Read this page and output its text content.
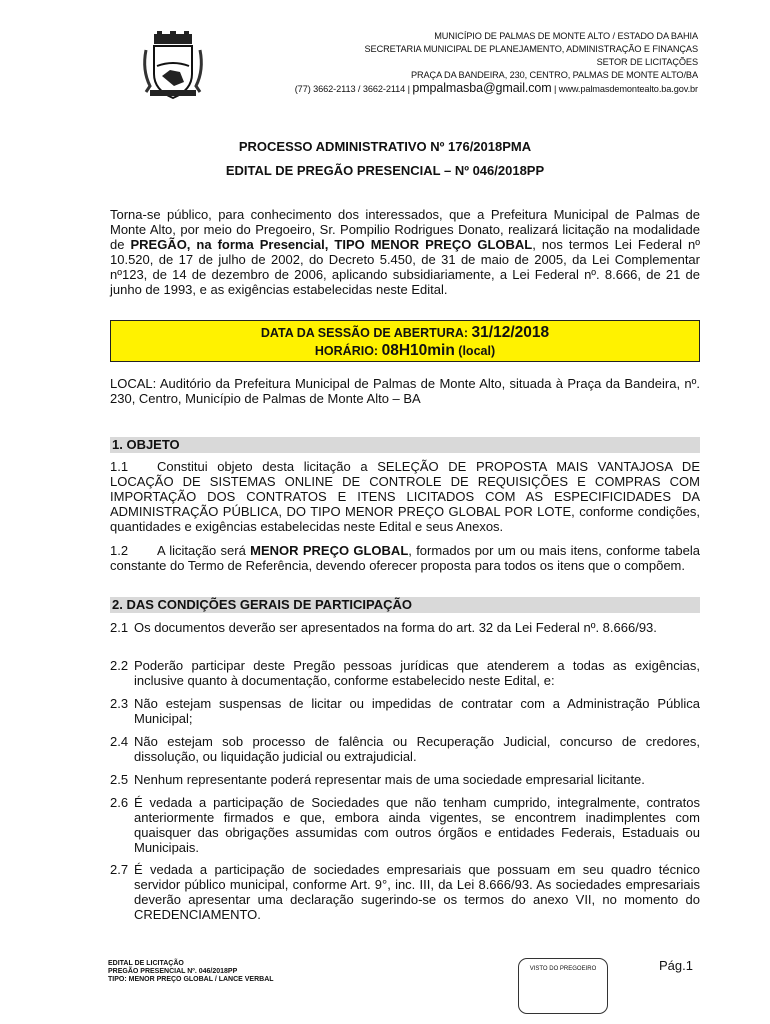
MUNICÍPIO DE PALMAS DE MONTE ALTO / ESTADO DA BAHIA
SECRETARIA MUNICIPAL DE PLANEJAMENTO, ADMINISTRAÇÃO E FINANÇAS
SETOR DE LICITAÇÕES
PRAÇA DA BANDEIRA, 230, CENTRO, PALMAS DE MONTE ALTO/BA
(77) 3662-2113 / 3662-2114 | pmpalmasba@gmail.com | www.palmasdemontealto.ba.gov.br
PROCESSO ADMINISTRATIVO Nº 176/2018PMA
EDITAL DE PREGÃO PRESENCIAL – Nº 046/2018PP
Torna-se público, para conhecimento dos interessados, que a Prefeitura Municipal de Palmas de Monte Alto, por meio do Pregoeiro, Sr. Pompilio Rodrigues Donato, realizará licitação na modalidade de PREGÃO, na forma Presencial, TIPO MENOR PREÇO GLOBAL, nos termos Lei Federal nº 10.520, de 17 de julho de 2002, do Decreto 5.450, de 31 de maio de 2005, da Lei Complementar nº123, de 14 de dezembro de 2006, aplicando subsidiariamente, a Lei Federal nº. 8.666, de 21 de junho de 1993, e as exigências estabelecidas neste Edital.
DATA DA SESSÃO DE ABERTURA: 31/12/2018
HORÁRIO: 08H10min (local)
LOCAL: Auditório da Prefeitura Municipal de Palmas de Monte Alto, situada à Praça da Bandeira, nº. 230, Centro, Município de Palmas de Monte Alto – BA
1. OBJETO
1.1	Constitui objeto desta licitação a SELEÇÃO DE PROPOSTA MAIS VANTAJOSA DE LOCAÇÃO DE SISTEMAS ONLINE DE CONTROLE DE REQUISIÇÕES E COMPRAS COM IMPORTAÇÃO DOS CONTRATOS E ITENS LICITADOS COM AS ESPECIFICIDADES DA ADMINISTRAÇÃO PÚBLICA, DO TIPO MENOR PREÇO GLOBAL POR LOTE, conforme condições, quantidades e exigências estabelecidas neste Edital e seus Anexos.
1.2	A licitação será MENOR PREÇO GLOBAL, formados por um ou mais itens, conforme tabela constante do Termo de Referência, devendo oferecer proposta para todos os itens que o compõem.
2. DAS CONDIÇÕES GERAIS DE PARTICIPAÇÃO
2.1 Os documentos deverão ser apresentados na forma do art. 32 da Lei Federal nº. 8.666/93.
2.2 Poderão participar deste Pregão pessoas jurídicas que atenderem a todas as exigências, inclusive quanto à documentação, conforme estabelecido neste Edital, e:
2.3 Não estejam suspensas de licitar ou impedidas de contratar com a Administração Pública Municipal;
2.4 Não estejam sob processo de falência ou Recuperação Judicial, concurso de credores, dissolução, ou liquidação judicial ou extrajudicial.
2.5 Nenhum representante poderá representar mais de uma sociedade empresarial licitante.
2.6 É vedada a participação de Sociedades que não tenham cumprido, integralmente, contratos anteriormente firmados e que, embora ainda vigentes, se encontrem inadimplentes com quaisquer das obrigações assumidas com outros órgãos e entidades Federais, Estaduais ou Municipais.
2.7 É vedada a participação de sociedades empresariais que possuam em seu quadro técnico servidor público municipal, conforme Art. 9°, inc. III, da Lei 8.666/93. As sociedades empresariais deverão apresentar uma declaração sugerindo-se os termos do anexo VII, no momento do CREDENCIAMENTO.
EDITAL DE LICITAÇÃO
PREGÃO PRESENCIAL Nº. 046/2018PP
TIPO: MENOR PREÇO GLOBAL / LANCE VERBAL
VISTO DO PREGOEIRO	Pág.1
